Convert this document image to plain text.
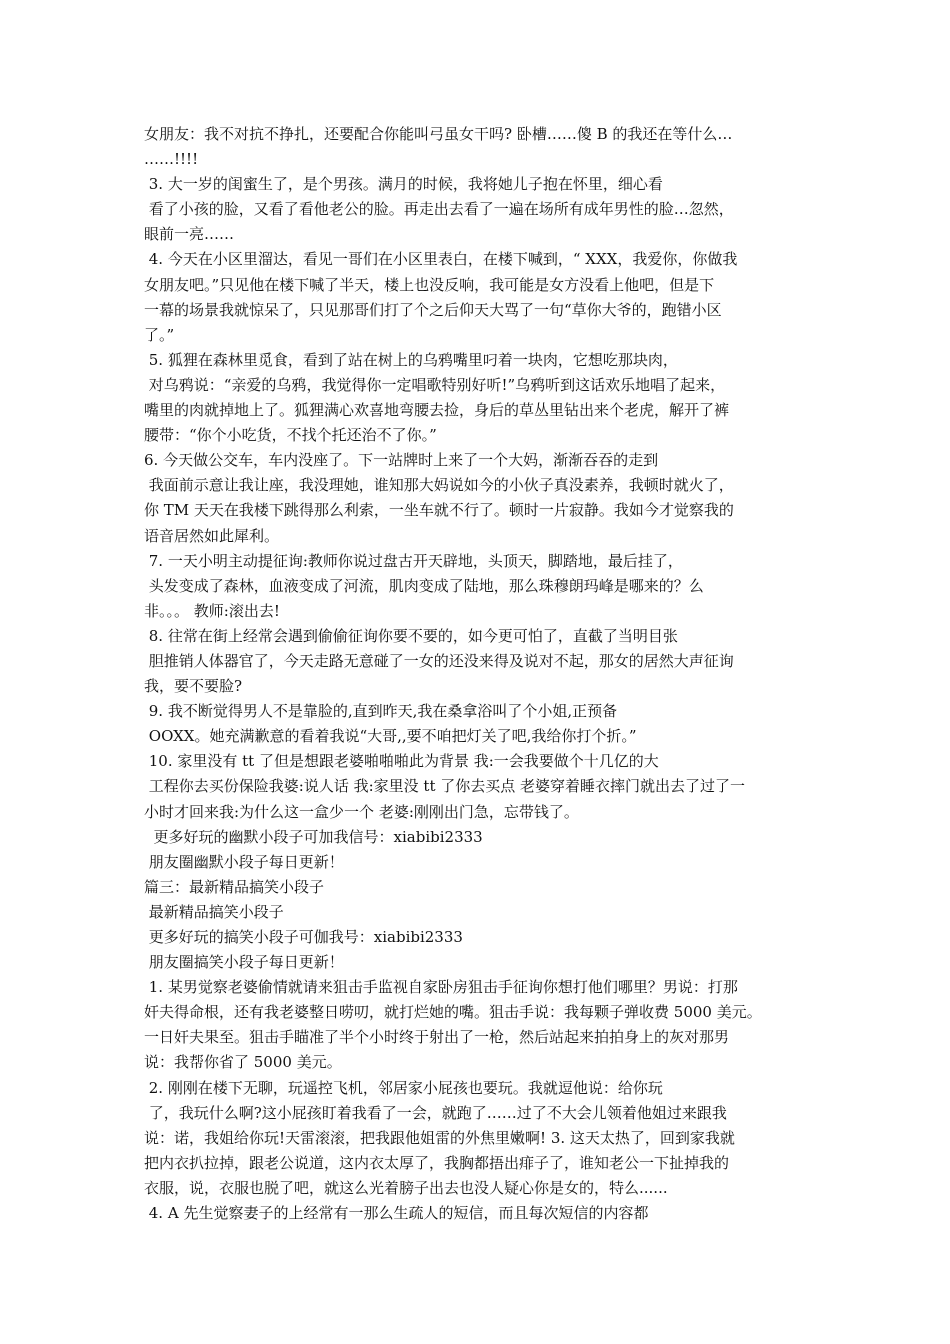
女朋友：我不对抗不挣扎，还要配合你能叫弓虽女干吗? 卧槽……傻 B 的我还在等什么…
……!!!!
3. 大一岁的闺蜜生了，是个男孩。满月的时候，我将她儿子抱在怀里，细心看
看了小孩的脸，又看了看他老公的脸。再走出去看了一遍在场所有成年男性的脸…忽然，
眼前一亮……
4. 今天在小区里溜达，看见一哥们在小区里表白，在楼下喊到，“ XXX，我爱你，你做我
女朋友吧。”只见他在楼下喊了半天，楼上也没反响，我可能是女方没看上他吧，但是下
一幕的场景我就惊呆了，只见那哥们打了个之后仰天大骂了一句“草你大爷的，跑错小区
了。”
5. 狐狸在森林里觅食，看到了站在树上的乌鸦嘴里叼着一块肉，它想吃那块肉，
对乌鸦说：“亲爱的乌鸦，我觉得你一定唱歌特别好听!”乌鸦听到这话欢乐地唱了起来，
嘴里的肉就掉地上了。狐狸满心欢喜地弯腰去捡，身后的草丛里钻出来个老虎，解开了裤
腰带：“你个小吃货，不找个托还治不了你。”
6. 今天做公交车，车内没座了。下一站牌时上来了一个大妈，渐渐吞吞的走到
我面前示意让我让座，我没理她，谁知那大妈说如今的小伙子真没素养，我顿时就火了，
你 TM 天天在我楼下跳得那么利索，一坐车就不行了。顿时一片寂静。我如今才觉察我的
语音居然如此犀利。
7. 一天小明主动提征询:教师你说过盘古开天辟地，头顶天，脚踏地，最后挂了，
头发变成了森林，血液变成了河流，肌肉变成了陆地，那么珠穆朗玛峰是哪来的？么
非。。。 教师:滚出去!
8. 往常在街上经常会遇到偷偷征询你要不要的，如今更可怕了，直截了当明目张
胆推销人体器官了，今天走路无意碰了一女的还没来得及说对不起，那女的居然大声征询
我，要不要脸?
9. 我不断觉得男人不是靠脸的,直到昨天,我在桑拿浴叫了个小姐,正预备
OOXX。她充满歉意的看着我说“大哥,,要不咱把灯关了吧,我给你打个折。”
10. 家里没有 tt 了但是想跟老婆啪啪啪此为背景 我:一会我要做个十几亿的大
工程你去买份保险我婆:说人话 我:家里没 tt 了你去买点 老婆穿着睡衣摔门就出去了过了一
小时才回来我:为什么这一盒少一个 老婆:刚刚出门急，忘带钱了。
更多好玩的幽默小段子可加我信号：xiabibi2333
朋友圈幽默小段子每日更新！
篇三：最新精品搞笑小段子
最新精品搞笑小段子
更多好玩的搞笑小段子可伽我号：xiabibi2333
朋友圈搞笑小段子每日更新！
1. 某男觉察老婆偷情就请来狙击手监视自家卧房狙击手征询你想打他们哪里？男说：打那
奸夫得命根，还有我老婆整日唠叨，就打烂她的嘴。狙击手说：我每颗子弹收费 5000 美元。
一日奸夫果至。狙击手瞄准了半个小时终于射出了一枪，然后站起来拍拍身上的灰对那男
说：我帮你省了 5000 美元。
2. 刚刚在楼下无聊，玩遥控飞机，邻居家小屁孩也要玩。我就逗他说：给你玩
了，我玩什么啊?这小屁孩盯着我看了一会，就跑了……过了不大会儿领着他姐过来跟我
说：诺，我姐给你玩!天雷滚滚，把我跟他姐雷的外焦里嫩啊! 3. 这天太热了，回到家我就
把内衣扒拉掉，跟老公说道，这内衣太厚了，我胸都捂出痱子了，谁知老公一下扯掉我的
衣服，说，衣服也脱了吧，就这么光着膀子出去也没人疑心你是女的，特么......
4. A 先生觉察妻子的上经常有一那么生疏人的短信，而且每次短信的内容都
